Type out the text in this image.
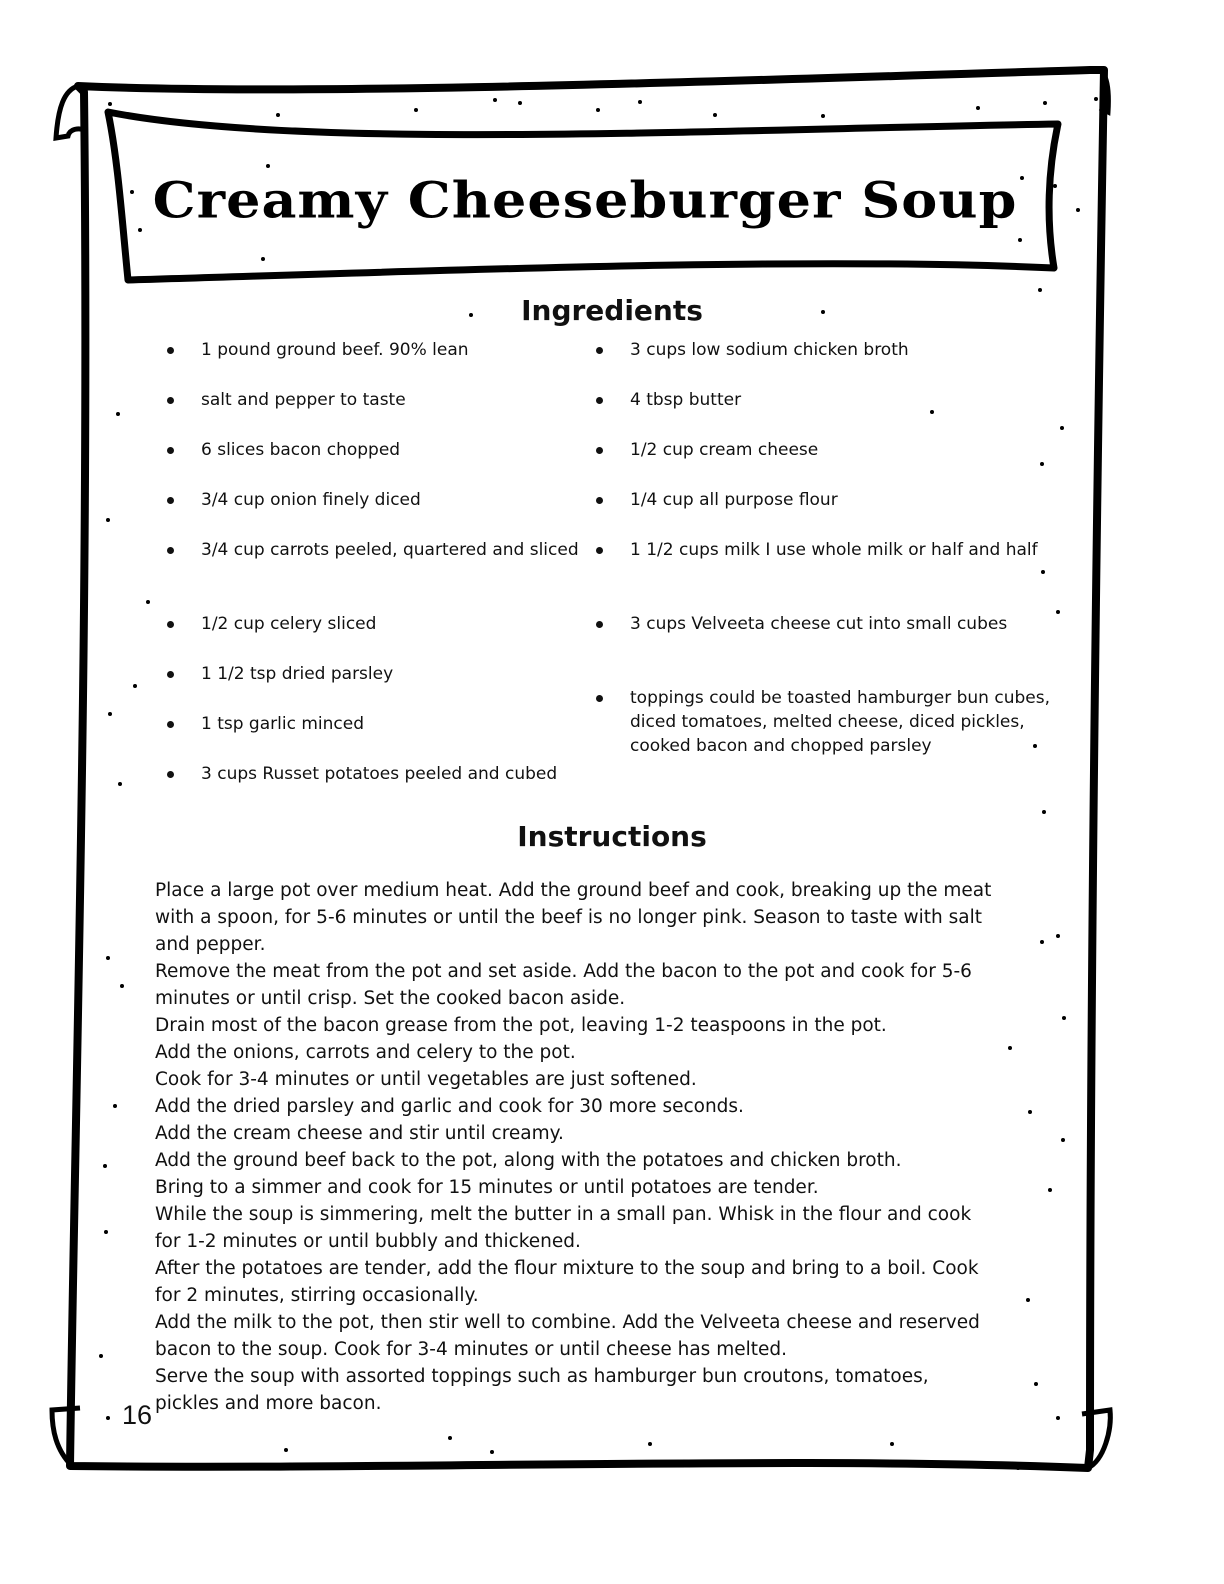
Creamy Cheeseburger Soup
Ingredients
1 pound ground beef. 90% lean
salt and pepper to taste
6 slices bacon chopped
3/4 cup onion finely diced
3/4 cup carrots peeled, quartered and sliced
1/2 cup celery sliced
1 1/2 tsp dried parsley
1 tsp garlic minced
3 cups Russet potatoes peeled and cubed
3 cups low sodium chicken broth
4 tbsp butter
1/2 cup cream cheese
1/4 cup all purpose flour
1 1/2 cups milk I use whole milk or half and half
3 cups Velveeta cheese cut into small cubes
toppings could be toasted hamburger bun cubes, diced tomatoes, melted cheese, diced pickles, cooked bacon and chopped parsley
Instructions
Place a large pot over medium heat. Add the ground beef and cook, breaking up the meat with a spoon, for 5-6 minutes or until the beef is no longer pink. Season to taste with salt and pepper.
Remove the meat from the pot and set aside. Add the bacon to the pot and cook for 5-6 minutes or until crisp. Set the cooked bacon aside.
Drain most of the bacon grease from the pot, leaving 1-2 teaspoons in the pot.
Add the onions, carrots and celery to the pot.
Cook for 3-4 minutes or until vegetables are just softened.
Add the dried parsley and garlic and cook for 30 more seconds.
Add the cream cheese and stir until creamy.
Add the ground beef back to the pot, along with the potatoes and chicken broth.
Bring to a simmer and cook for 15 minutes or until potatoes are tender.
While the soup is simmering, melt the butter in a small pan. Whisk in the flour and cook for 1-2 minutes or until bubbly and thickened.
After the potatoes are tender, add the flour mixture to the soup and bring to a boil. Cook for 2 minutes, stirring occasionally.
Add the milk to the pot, then stir well to combine. Add the Velveeta cheese and reserved bacon to the soup. Cook for 3-4 minutes or until cheese has melted.
Serve the soup with assorted toppings such as hamburger bun croutons, tomatoes, pickles and more bacon.
16
